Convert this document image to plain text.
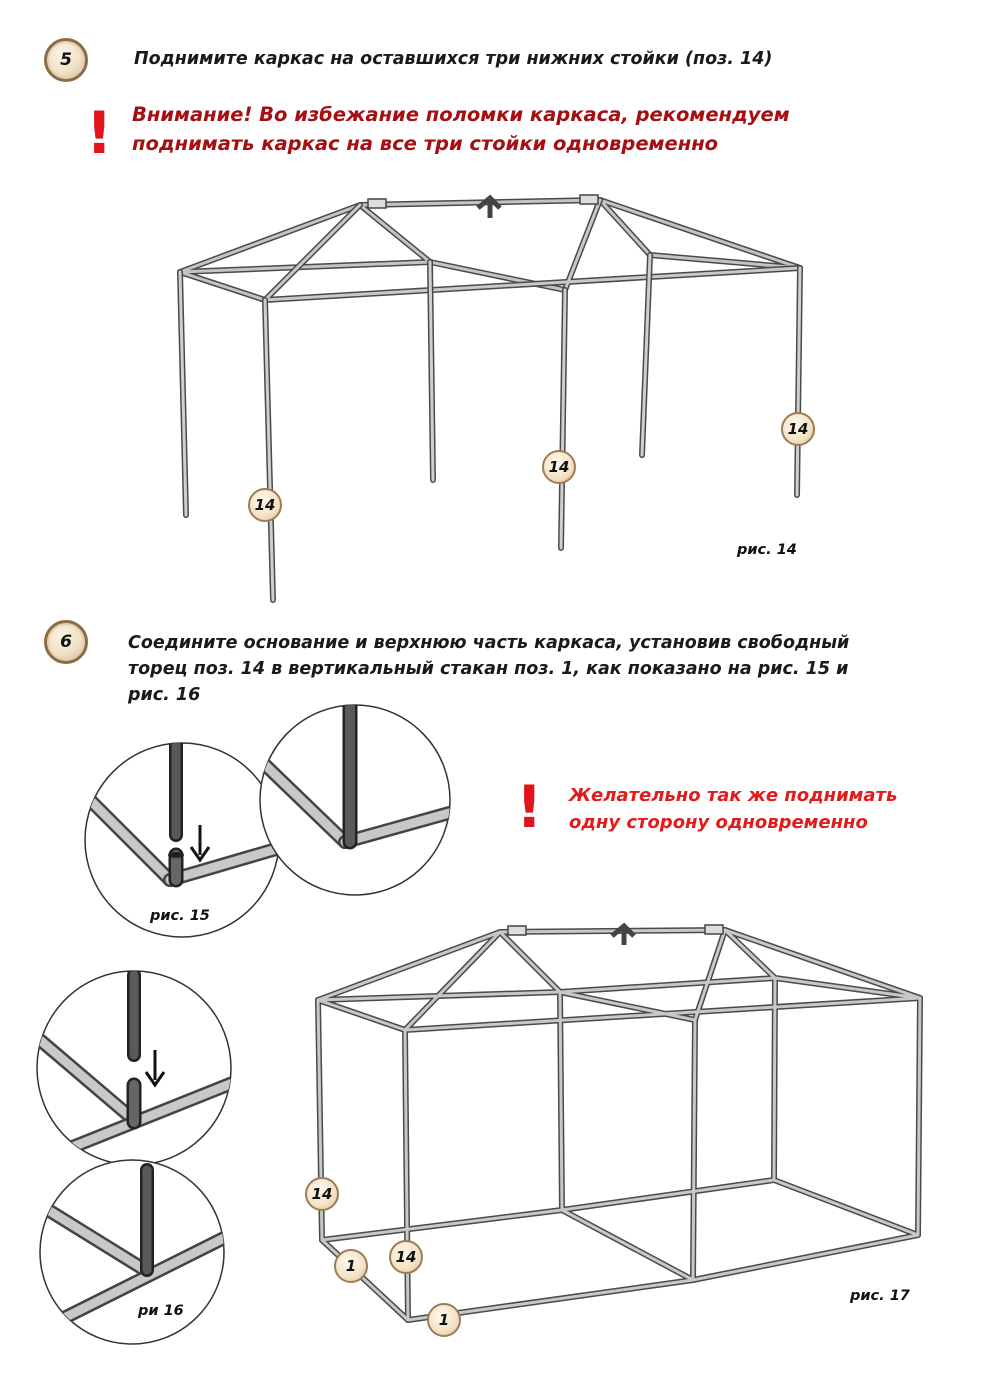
5	Поднимите каркас на оставшихся три нижних стойки (поз. 14)
! Внимание! Во избежание поломки каркаса, рекомендуем
поднимать каркас на все три стойки одновременно
14
14
14
рис. 14
6	Соедините основание и верхнюю часть каркаса, установив свободный
торец поз. 14 в вертикальный стакан поз. 1, как показано на рис. 15 и
рис. 16
! Желательно так же поднимать
одну сторону одновременно
рис. 15
ри 16
14
14
1
1
рис. 17
